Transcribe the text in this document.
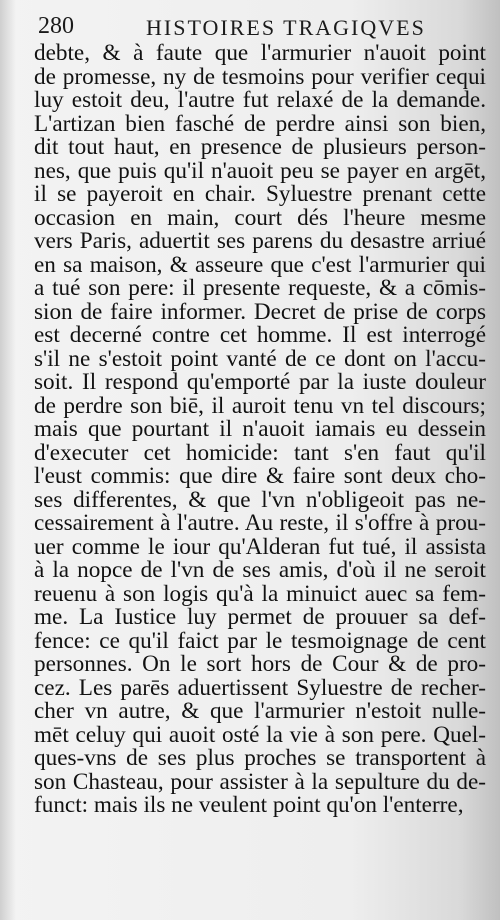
280	HISTOIRES TRAGIQVES
debte, & à faute que l'armurier n'auoit point
de promesse, ny de tesmoins pour verifier cequi
luy estoit deu, l'autre fut relaxé de la demande.
L'artizan bien fasché de perdre ainsi son bien,
dit tout haut, en presence de plusieurs person-
nes, que puis qu'il n'auoit peu se payer en argēt,
il se payeroit en chair. Syluestre prenant cette
occasion en main, court dés l'heure mesme
vers Paris, aduertit ses parens du desastre arriué
en sa maison, & asseure que c'est l'armurier qui
a tué son pere: il presente requeste, & a cōmis-
sion de faire informer. Decret de prise de corps
est decerné contre cet homme. Il est interrogé
s'il ne s'estoit point vanté de ce dont on l'accu-
soit. Il respond qu'emporté par la iuste douleur
de perdre son biē, il auroit tenu vn tel discours;
mais que pourtant il n'auoit iamais eu dessein
d'executer cet homicide: tant s'en faut qu'il
l'eust commis: que dire & faire sont deux cho-
ses differentes, & que l'vn n'obligeoit pas ne-
cessairement à l'autre. Au reste, il s'offre à prou-
uer comme le iour qu'Alderan fut tué, il assista
à la nopce de l'vn de ses amis, d'où il ne seroit
reuenu à son logis qu'à la minuict auec sa fem-
me. La Iustice luy permet de prouuer sa def-
fence: ce qu'il faict par le tesmoignage de cent
personnes. On le sort hors de Cour & de pro-
cez. Les parēs aduertissent Syluestre de recher-
cher vn autre, & que l'armurier n'estoit nulle-
mēt celuy qui auoit osté la vie à son pere. Quel-
ques-vns de ses plus proches se transportent à
son Chasteau, pour assister à la sepulture du de-
funct: mais ils ne veulent point qu'on l'enterre,
